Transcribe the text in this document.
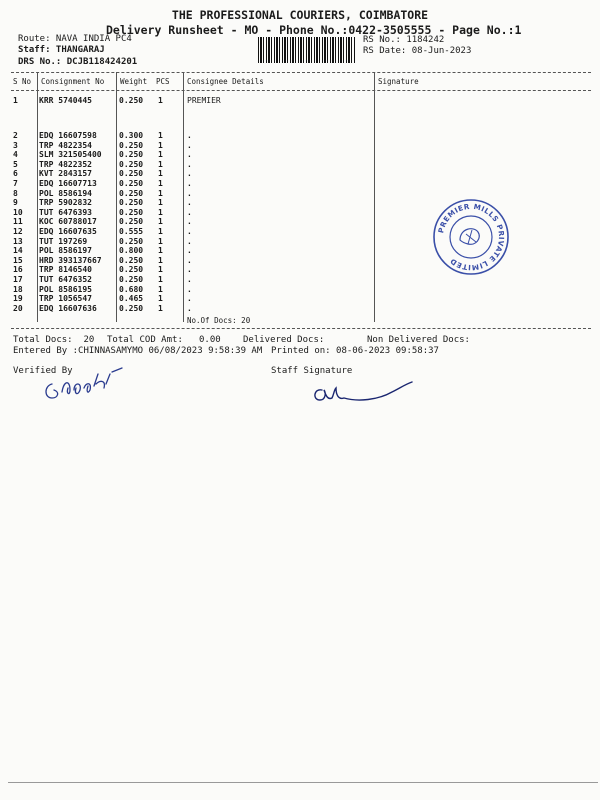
THE PROFESSIONAL COURIERS, COIMBATORE
Delivery Runsheet - MO - Phone No.:0422-3505555 - Page No.:1
Route: NAVA INDIA PC4
Staff: THANGARAJ
DRS No.: DCJB118424201
RS No.: 1184242
RS Date: 08-Jun-2023
S No Consignment No Weight PCS Consignee Details	Signature
1	KRR 5740445	0.250 1	PREMIER
2	EDQ 16607598	0.300 1	.
3	TRP 4822354	0.250 1	.
4	SLM 321505400 0.250 1	.
5	TRP 4822352	0.250 1	.
6	KVT 2843157	0.250 1	.
7	EDQ 16607713	0.250 1	.
8	POL 8586194	0.250 1	.
9	TRP 5902832	0.250 1	.
10 TUT 6476393	0.250 1	.
11 KOC 60788017	0.250 1	.
12 EDQ 16607635	0.555 1	.
13 TUT 197269	0.250 1	.
14 POL 8586197	0.800 1	.
15 HRD 393137667 0.250 1	.
16 TRP 8146540	0.250 1	.
17 TUT 6476352	0.250 1	.
18 POL 8586195	0.680 1	.
19 TRP 1056547	0.465 1	.
20 EDQ 16607636	0.250 1	.
No.Of Docs: 20
Total Docs:  20 Total COD Amt: 0.00 Delivered Docs:	Non Delivered Docs:
Entered By :CHINNASAMYMO 06/08/2023 9:58:39 AM Printed on: 08-06-2023 09:58:37
Verified By	Staff Signature
PREMIER MILLS PRIVATE LIMITED
